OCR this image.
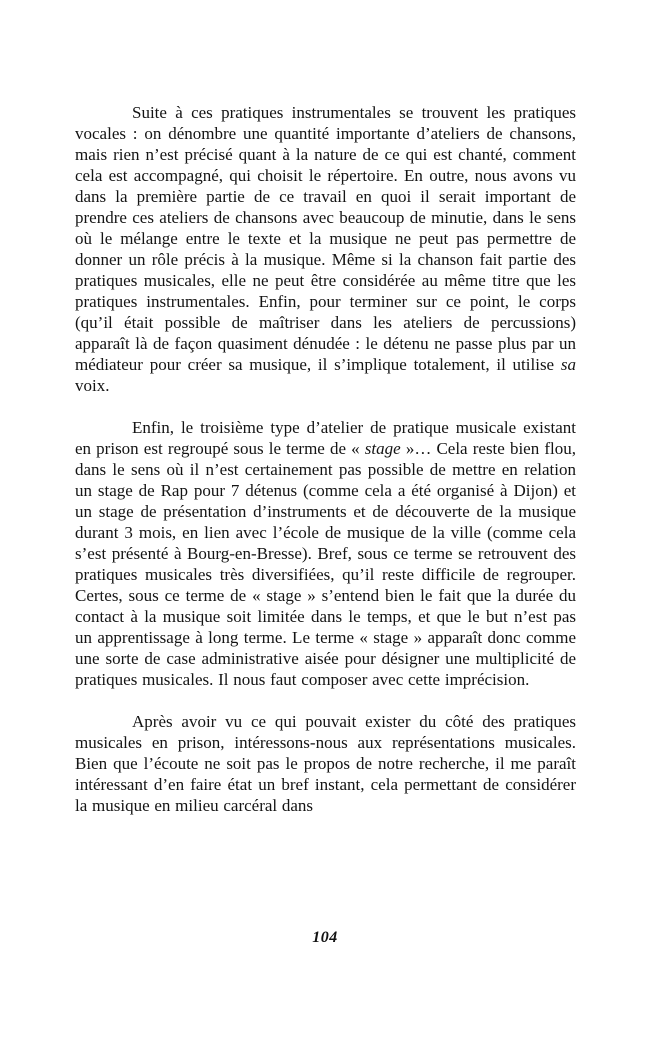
Suite à ces pratiques instrumentales se trouvent les pratiques vocales : on dénombre une quantité importante d’ateliers de chansons, mais rien n’est précisé quant à la nature de ce qui est chanté, comment cela est accompagné, qui choisit le répertoire. En outre, nous avons vu dans la première partie de ce travail en quoi il serait important de prendre ces ateliers de chansons avec beaucoup de minutie, dans le sens où le mélange entre le texte et la musique ne peut pas permettre de donner un rôle précis à la musique. Même si la chanson fait partie des pratiques musicales, elle ne peut être considérée au même titre que les pratiques instrumentales. Enfin, pour terminer sur ce point, le corps (qu’il était possible de maîtriser dans les ateliers de percussions) apparaît là de façon quasiment dénudée : le détenu ne passe plus par un médiateur pour créer sa musique, il s’implique totalement, il utilise sa voix.

Enfin, le troisième type d’atelier de pratique musicale existant en prison est regroupé sous le terme de « stage »… Cela reste bien flou, dans le sens où il n’est certainement pas possible de mettre en relation un stage de Rap pour 7 détenus (comme cela a été organisé à Dijon) et un stage de présentation d’instruments et de découverte de la musique durant 3 mois, en lien avec l’école de musique de la ville (comme cela s’est présenté à Bourg-en-Bresse). Bref, sous ce terme se retrouvent des pratiques musicales très diversifiées, qu’il reste difficile de regrouper. Certes, sous ce terme de « stage » s’entend bien le fait que la durée du contact à la musique soit limitée dans le temps, et que le but n’est pas un apprentissage à long terme. Le terme « stage » apparaît donc comme une sorte de case administrative aisée pour désigner une multiplicité de pratiques musicales. Il nous faut composer avec cette imprécision.

Après avoir vu ce qui pouvait exister du côté des pratiques musicales en prison, intéressons-nous aux représentations musicales. Bien que l’écoute ne soit pas le propos de notre recherche, il me paraît intéressant d’en faire état un bref instant, cela permettant de considérer la musique en milieu carcéral dans

104
